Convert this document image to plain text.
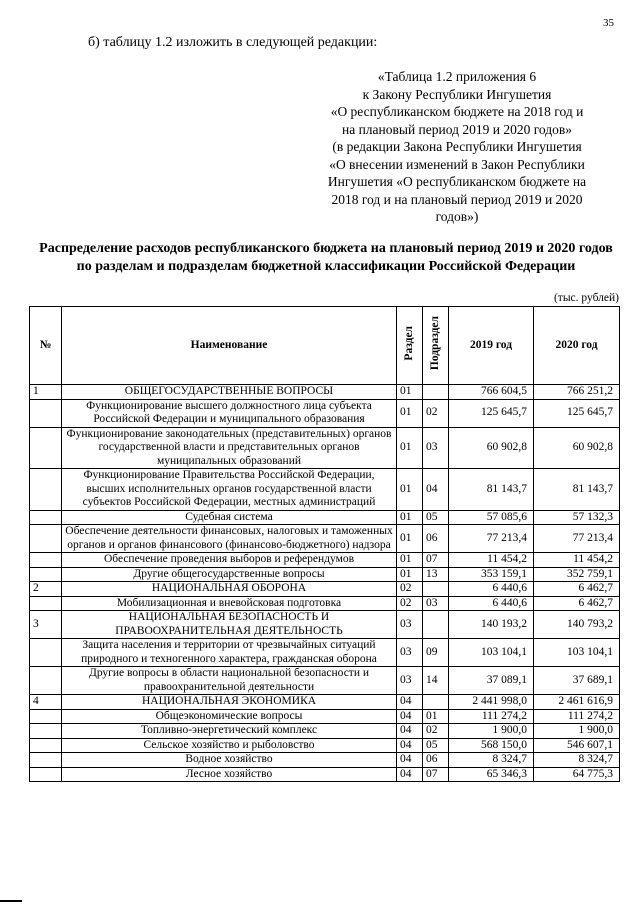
35
б) таблицу 1.2 изложить в следующей редакции:
«Таблица 1.2 приложения 6
к Закону Республики Ингушетия
«О республиканском бюджете на 2018 год и
на плановый период 2019 и 2020 годов»
(в редакции Закона Республики Ингушетия
«О внесении изменений в Закон Республики
Ингушетия «О республиканском бюджете на
2018 год и на плановый период 2019 и 2020
годов»)
Распределение расходов республиканского бюджета на плановый период 2019 и 2020 годов по разделам и подразделам бюджетной классификации Российской Федерации
(тыс. рублей)
№	Наименование	Раздел	Подраздел	2019 год	2020 год
1	ОБЩЕГОСУДАРСТВЕННЫЕ ВОПРОСЫ	01		766 604,5	766 251,2
	Функционирование высшего должностного лица субъекта Российской Федерации и муниципального образования	01	02	125 645,7	125 645,7
	Функционирование законодательных (представительных) органов государственной власти и представительных органов муниципальных образований	01	03	60 902,8	60 902,8
	Функционирование Правительства Российской Федерации, высших исполнительных органов государственной власти субъектов Российской Федерации, местных администраций	01	04	81 143,7	81 143,7
	Судебная система	01	05	57 085,6	57 132,3
	Обеспечение деятельности финансовых, налоговых и таможенных органов и органов финансового (финансово-бюджетного) надзора	01	06	77 213,4	77 213,4
	Обеспечение проведения выборов и референдумов	01	07	11 454,2	11 454,2
	Другие общегосударственные вопросы	01	13	353 159,1	352 759,1
2	НАЦИОНАЛЬНАЯ ОБОРОНА	02		6 440,6	6 462,7
	Мобилизационная и вневойсковая подготовка	02	03	6 440,6	6 462,7
3	НАЦИОНАЛЬНАЯ БЕЗОПАСНОСТЬ И ПРАВООХРАНИТЕЛЬНАЯ ДЕЯТЕЛЬНОСТЬ	03		140 193,2	140 793,2
	Защита населения и территории от чрезвычайных ситуаций природного и техногенного характера, гражданская оборона	03	09	103 104,1	103 104,1
	Другие вопросы в области национальной безопасности и правоохранительной деятельности	03	14	37 089,1	37 689,1
4	НАЦИОНАЛЬНАЯ ЭКОНОМИКА	04		2 441 998,0	2 461 616,9
	Общеэкономические вопросы	04	01	111 274,2	111 274,2
	Топливно-энергетический комплекс	04	02	1 900,0	1 900,0
	Сельское хозяйство и рыболовство	04	05	568 150,0	546 607,1
	Водное хозяйство	04	06	8 324,7	8 324,7
	Лесное хозяйство	04	07	65 346,3	64 775,3
